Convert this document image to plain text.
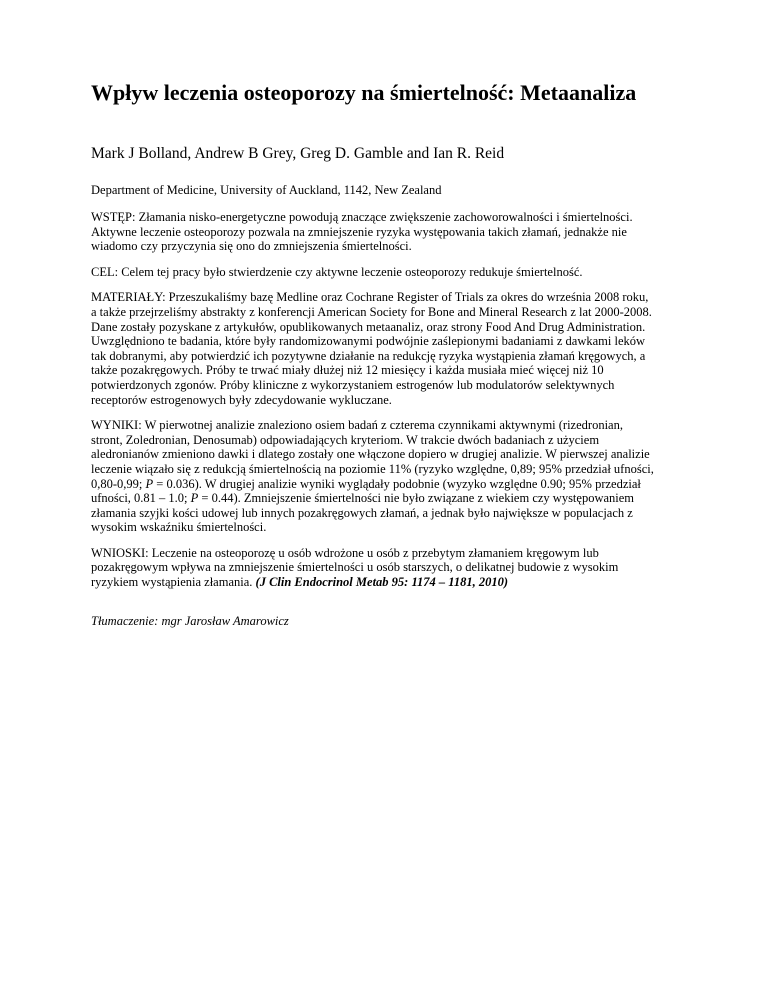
Wpływ leczenia osteoporozy na śmiertelność: Metaanaliza
Mark J Bolland, Andrew B Grey, Greg D. Gamble and Ian R. Reid
Department of Medicine, University of Auckland, 1142, New Zealand
WSTĘP: Złamania nisko-energetyczne powodują znaczące zwiększenie zachoworowalności i śmiertelności.
Aktywne leczenie osteoporozy pozwala na zmniejszenie ryzyka występowania takich złamań, jednakże nie
wiadomo czy przyczynia się ono do zmniejszenia śmiertelności.
CEL: Celem tej pracy było stwierdzenie czy aktywne leczenie osteoporozy redukuje śmiertelność.
MATERIAŁY: Przeszukaliśmy bazę Medline oraz Cochrane Register of Trials za okres do września 2008 roku,
a także przejrzeliśmy abstrakty z konferencji American Society for Bone and Mineral Research z lat 2000-2008.
Dane zostały pozyskane z artykułów, opublikowanych metaanaliz, oraz strony Food And Drug Administration.
Uwzględniono te badania, które były randomizowanymi podwójnie zaślepionymi badaniami z dawkami leków
tak dobranymi, aby potwierdzić ich pozytywne działanie na redukcję ryzyka wystąpienia złamań kręgowych, a
także pozakręgowych. Próby te trwać miały dłużej niż 12 miesięcy i każda musiała mieć więcej niż 10
potwierdzonych zgonów. Próby kliniczne z wykorzystaniem estrogenów lub modulatorów selektywnych
receptorów estrogenowych były zdecydowanie wykluczane.
WYNIKI: W pierwotnej analizie znaleziono osiem badań z czterema czynnikami aktywnymi (rizedronian,
stront, Zoledronian, Denosumab) odpowiadających kryteriom. W trakcie dwóch badaniach z użyciem
aledronianów zmieniono dawki i dlatego zostały one włączone dopiero w drugiej analizie. W pierwszej analizie
leczenie wiązało się z redukcją śmiertelnością na poziomie 11% (ryzyko względne, 0,89; 95% przedział ufności,
0,80-0,99; P = 0.036). W drugiej analizie wyniki wyglądały podobnie (wyzyko względne 0.90; 95% przedział
ufności, 0.81 – 1.0; P = 0.44). Zmniejszenie śmiertelności nie było związane z wiekiem czy występowaniem
złamania szyjki kości udowej lub innych pozakręgowych złamań, a jednak było największe w populacjach z
wysokim wskaźniku śmiertelności.
WNIOSKI: Leczenie na osteoporozę u osób wdrożone u osób z przebytym złamaniem kręgowym lub
pozakręgowym wpływa na zmniejszenie śmiertelności u osób starszych, o delikatnej budowie z wysokim
ryzykiem wystąpienia złamania. (J Clin Endocrinol Metab 95: 1174 – 1181, 2010)
Tłumaczenie: mgr Jarosław Amarowicz
